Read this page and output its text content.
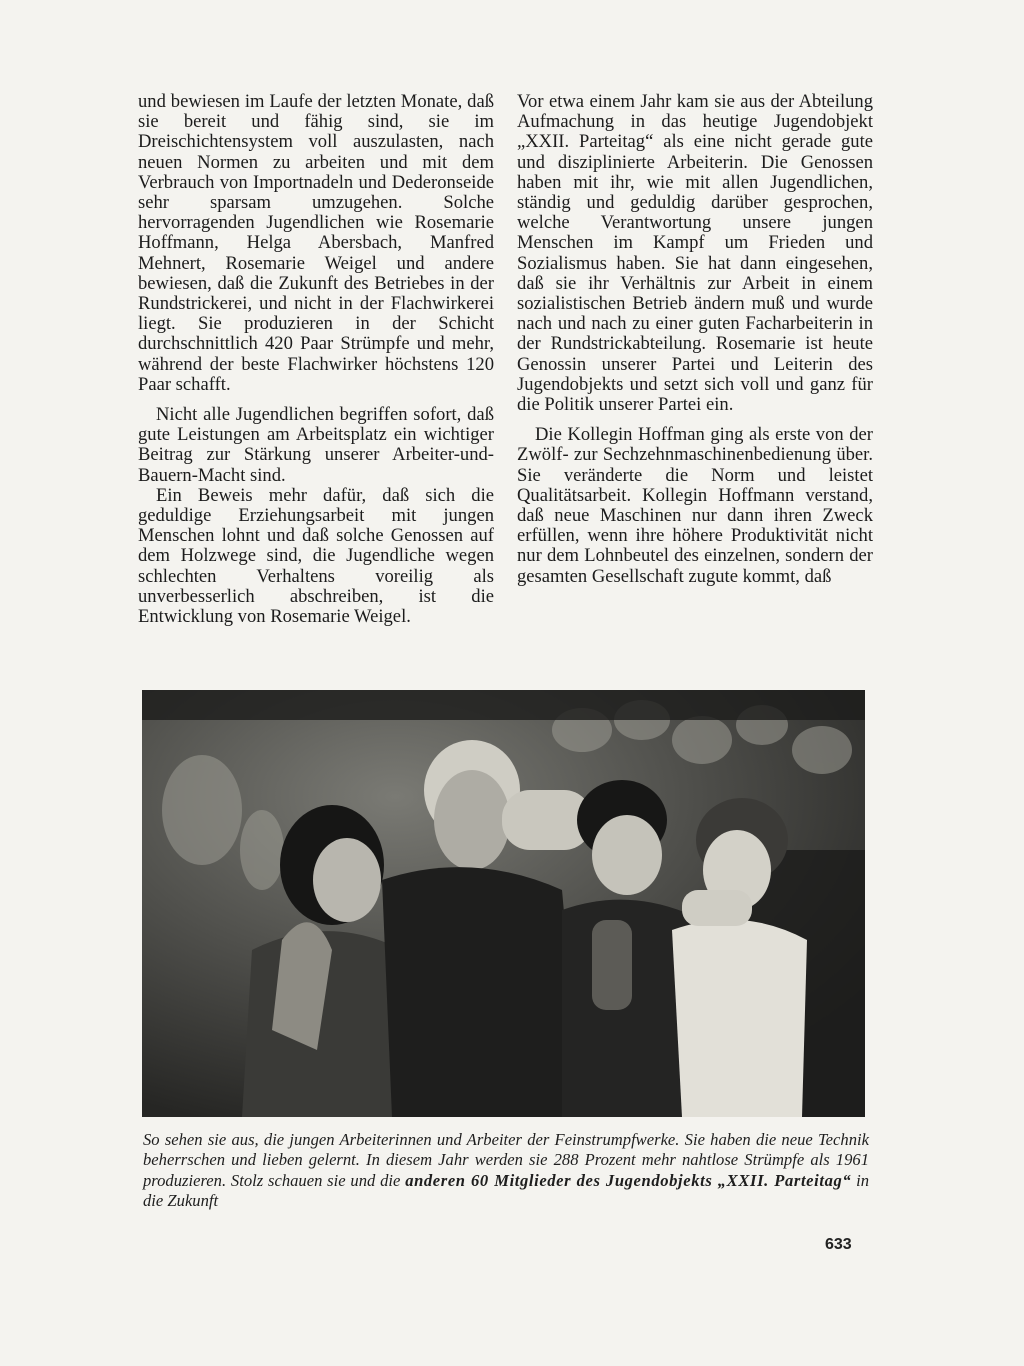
und bewiesen im Laufe der letzten Monate, daß sie bereit und fähig sind, sie im Dreischichtensystem voll auszulasten, nach neuen Normen zu arbeiten und mit dem Verbrauch von Importnadeln und Dederonseide sehr sparsam umzugehen. Solche hervorragenden Jugendlichen wie Rosemarie Hoffmann, Helga Abersbach, Manfred Mehnert, Rosemarie Weigel und andere bewiesen, daß die Zukunft des Betriebes in der Rundstrickerei, und nicht in der Flachwirkerei liegt. Sie produzieren in der Schicht durchschnittlich 420 Paar Strümpfe und mehr, während der beste Flachwirker höchstens 120 Paar schafft.

Nicht alle Jugendlichen begriffen sofort, daß gute Leistungen am Arbeitsplatz ein wichtiger Beitrag zur Stärkung unserer Arbeiter-und-Bauern-Macht sind.

Ein Beweis mehr dafür, daß sich die geduldige Erziehungsarbeit mit jungen Menschen lohnt und daß solche Genossen auf dem Holzwege sind, die Jugendliche wegen schlechten Verhaltens voreilig als unverbesserlich abschreiben, ist die Entwicklung von Rosemarie Weigel.

Vor etwa einem Jahr kam sie aus der Abteilung Aufmachung in das heutige Jugendobjekt „XXII. Parteitag“ als eine nicht gerade gute und disziplinierte Arbeiterin. Die Genossen haben mit ihr, wie mit allen Jugendlichen, ständig und geduldig darüber gesprochen, welche Verantwortung unsere jungen Menschen im Kampf um Frieden und Sozialismus haben. Sie hat dann eingesehen, daß sie ihr Verhältnis zur Arbeit in einem sozialistischen Betrieb ändern muß und wurde nach und nach zu einer guten Facharbeiterin in der Rundstrickabteilung. Rosemarie ist heute Genossin unserer Partei und Leiterin des Jugendobjekts und setzt sich voll und ganz für die Politik unserer Partei ein.

Die Kollegin Hoffman ging als erste von der Zwölf- zur Sechzehnmaschinenbedienung über. Sie veränderte die Norm und leistet Qualitätsarbeit. Kollegin Hoffmann verstand, daß neue Maschinen nur dann ihren Zweck erfüllen, wenn ihre höhere Produktivität nicht nur dem Lohnbeutel des einzelnen, sondern der gesamten Gesellschaft zugute kommt, daß

So sehen sie aus, die jungen Arbeiterinnen und Arbeiter der Feinstrumpfwerke. Sie haben die neue Technik beherrschen und lieben gelernt. In diesem Jahr werden sie 288 Prozent mehr nahtlose Strümpfe als 1961 produzieren. Stolz schauen sie und die anderen 60 Mitglieder des Jugendobjekts „XXII. Parteitag“ in die Zukunft
633
